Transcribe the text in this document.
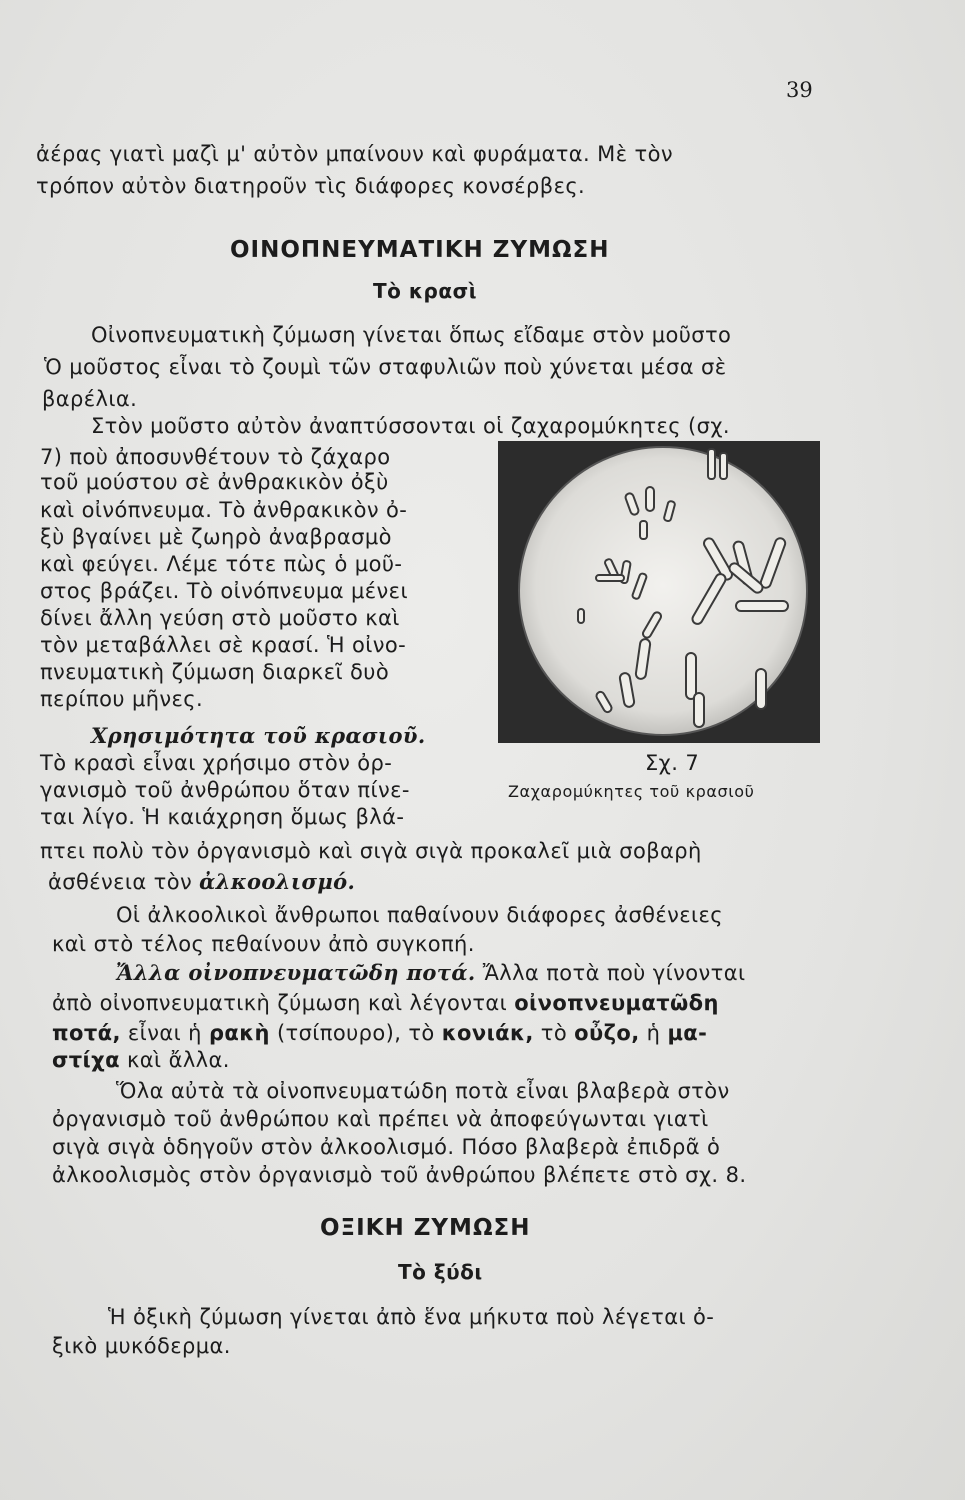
39
ἀέρας γιατὶ μαζὶ μ' αὐτὸν μπαίνουν καὶ φυράματα. Μὲ τὸν
τρόπον αὐτὸν διατηροῦν τὶς διάφορες κονσέρβες.
ΟΙΝΟΠΝΕΥΜΑΤΙΚΗ ΖΥΜΩΣΗ
Τὸ κρασὶ
Οἰνοπνευματικὴ ζύμωση γίνεται ὅπως εἴδαμε στὸν μοῦστο
Ὁ μοῦστος εἶναι τὸ ζουμὶ τῶν σταφυλιῶν ποὺ χύνεται μέσα σὲ
βαρέλια.
Στὸν μοῦστο αὐτὸν ἀναπτύσσονται οἱ ζαχαρομύκητες (σχ.
7) ποὺ ἀποσυνθέτουν τὸ ζάχαρο
τοῦ μούστου σὲ ἀνθρακικὸν ὀξὺ
καὶ οἰνόπνευμα. Τὸ ἀνθρακικὸν ὀ-
ξὺ βγαίνει μὲ ζωηρὸ ἀναβρασμὸ
καὶ φεύγει. Λέμε τότε πὼς ὁ μοῦ-
στος βράζει. Τὸ οἰνόπνευμα μένει
δίνει ἄλλη γεύση στὸ μοῦστο καὶ
τὸν μεταβάλλει σὲ κρασί. Ἡ οἰνο-
πνευματικὴ ζύμωση διαρκεῖ δυὸ
περίπου μῆνες.
Χρησιμότητα τοῦ κρασιοῦ.
Τὸ κρασὶ εἶναι χρήσιμο στὸν ὀρ-
γανισμὸ τοῦ ἀνθρώπου ὅταν πίνε-
ται λίγο. Ἡ καιάχρηση ὅμως βλά-
πτει πολὺ τὸν ὀργανισμὸ καὶ σιγὰ σιγὰ προκαλεῖ μιὰ σοβαρὴ
ἀσθένεια τὸν ἀλκοολισμό.
Οἱ ἀλκοολικοὶ ἄνθρωποι παθαίνουν διάφορες ἀσθένειες
καὶ στὸ τέλος πεθαίνουν ἀπὸ συγκοπή.
Ἄλλα οἰνοπνευματῶδη ποτά. Ἄλλα ποτὰ ποὺ γίνονται
ἀπὸ οἰνοπνευματικὴ ζύμωση καὶ λέγονται οἰνοπνευματῶδη
ποτά, εἶναι ἡ ρακὴ (τσίπουρο), τὸ κονιάκ, τὸ οὖζο, ἡ μα-
στίχα καὶ ἄλλα.
Ὅλα αὐτὰ τὰ οἰνοπνευματώδη ποτὰ εἶναι βλαβερὰ στὸν
ὀργανισμὸ τοῦ ἀνθρώπου καὶ πρέπει νὰ ἀποφεύγωνται γιατὶ
σιγὰ σιγὰ ὁδηγοῦν στὸν ἀλκοολισμό. Πόσο βλαβερὰ ἐπιδρᾶ ὁ
ἀλκοολισμὸς στὸν ὀργανισμὸ τοῦ ἀνθρώπου βλέπετε στὸ σχ. 8.
Σχ. 7
Ζαχαρομύκητες τοῦ κρασιοῦ
ΟΞΙΚΗ ΖΥΜΩΣΗ
Τὸ ξύδι
Ἡ ὀξικὴ ζύμωση γίνεται ἀπὸ ἕνα μήκυτα ποὺ λέγεται ὀ-
ξικὸ μυκόδερμα.
